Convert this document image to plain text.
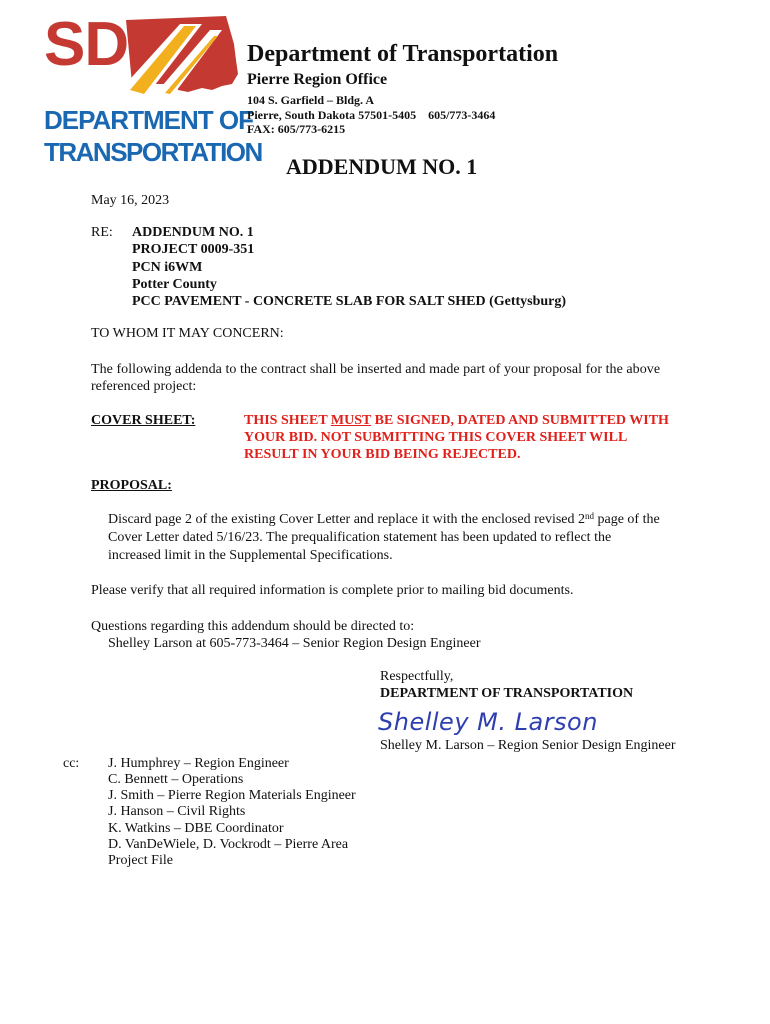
SD
DEPARTMENT OF
TRANSPORTATION
Department of Transportation
Pierre Region Office
104 S. Garfield – Bldg. A
Pierre, South Dakota 57501-5405    605/773-3464
FAX: 605/773-6215
ADDENDUM NO. 1
May 16, 2023
RE: ADDENDUM NO. 1
PROJECT 0009-351
PCN i6WM
Potter County
PCC PAVEMENT - CONCRETE SLAB FOR SALT SHED (Gettysburg)
TO WHOM IT MAY CONCERN:
The following addenda to the contract shall be inserted and made part of your proposal for the above
referenced project:
COVER SHEET:	THIS SHEET MUST BE SIGNED, DATED AND SUBMITTED WITH
YOUR BID. NOT SUBMITTING THIS COVER SHEET WILL
RESULT IN YOUR BID BEING REJECTED.
PROPOSAL:
Discard page 2 of the existing Cover Letter and replace it with the enclosed revised 2nd page of the
Cover Letter dated 5/16/23. The prequalification statement has been updated to reflect the
increased limit in the Supplemental Specifications.
Please verify that all required information is complete prior to mailing bid documents.
Questions regarding this addendum should be directed to:
Shelley Larson at 605-773-3464 – Senior Region Design Engineer
Respectfully,
DEPARTMENT OF TRANSPORTATION
Shelley M. Larson
Shelley M. Larson – Region Senior Design Engineer
cc: J. Humphrey – Region Engineer
C. Bennett – Operations
J. Smith – Pierre Region Materials Engineer
J. Hanson – Civil Rights
K. Watkins – DBE Coordinator
D. VanDeWiele, D. Vockrodt – Pierre Area
Project File
